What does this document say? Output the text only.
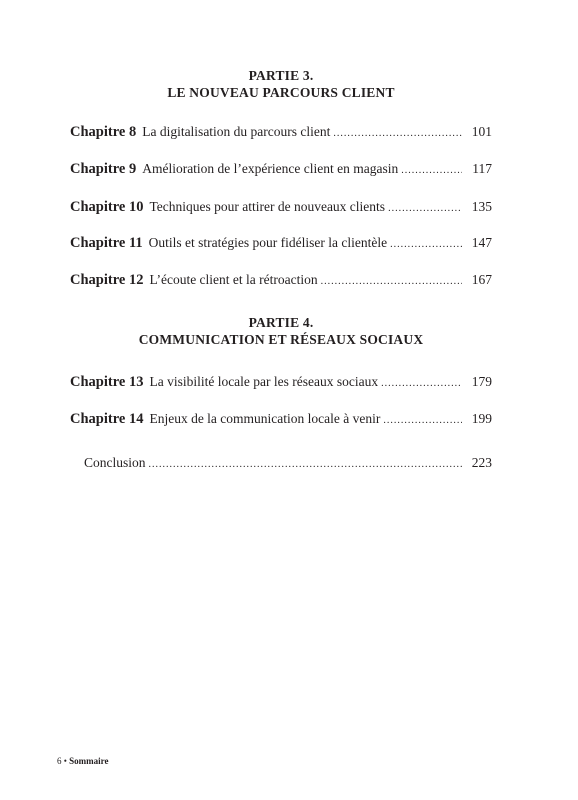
PARTIE 3.
LE NOUVEAU PARCOURS CLIENT
Chapitre 8 La digitalisation du parcours client .....	101
Chapitre 9 Amélioration de l’expérience client en magasin .....	117
Chapitre 10 Techniques pour attirer de nouveaux clients .....	135
Chapitre 11 Outils et stratégies pour fidéliser la clientèle .....	147
Chapitre 12 L’écoute client et la rétroaction .....	167
PARTIE 4.
COMMUNICATION ET RÉSEAUX SOCIAUX
Chapitre 13 La visibilité locale par les réseaux sociaux .....	179
Chapitre 14 Enjeux de la communication locale à venir .....	199
Conclusion .....	223
6 • Sommaire
